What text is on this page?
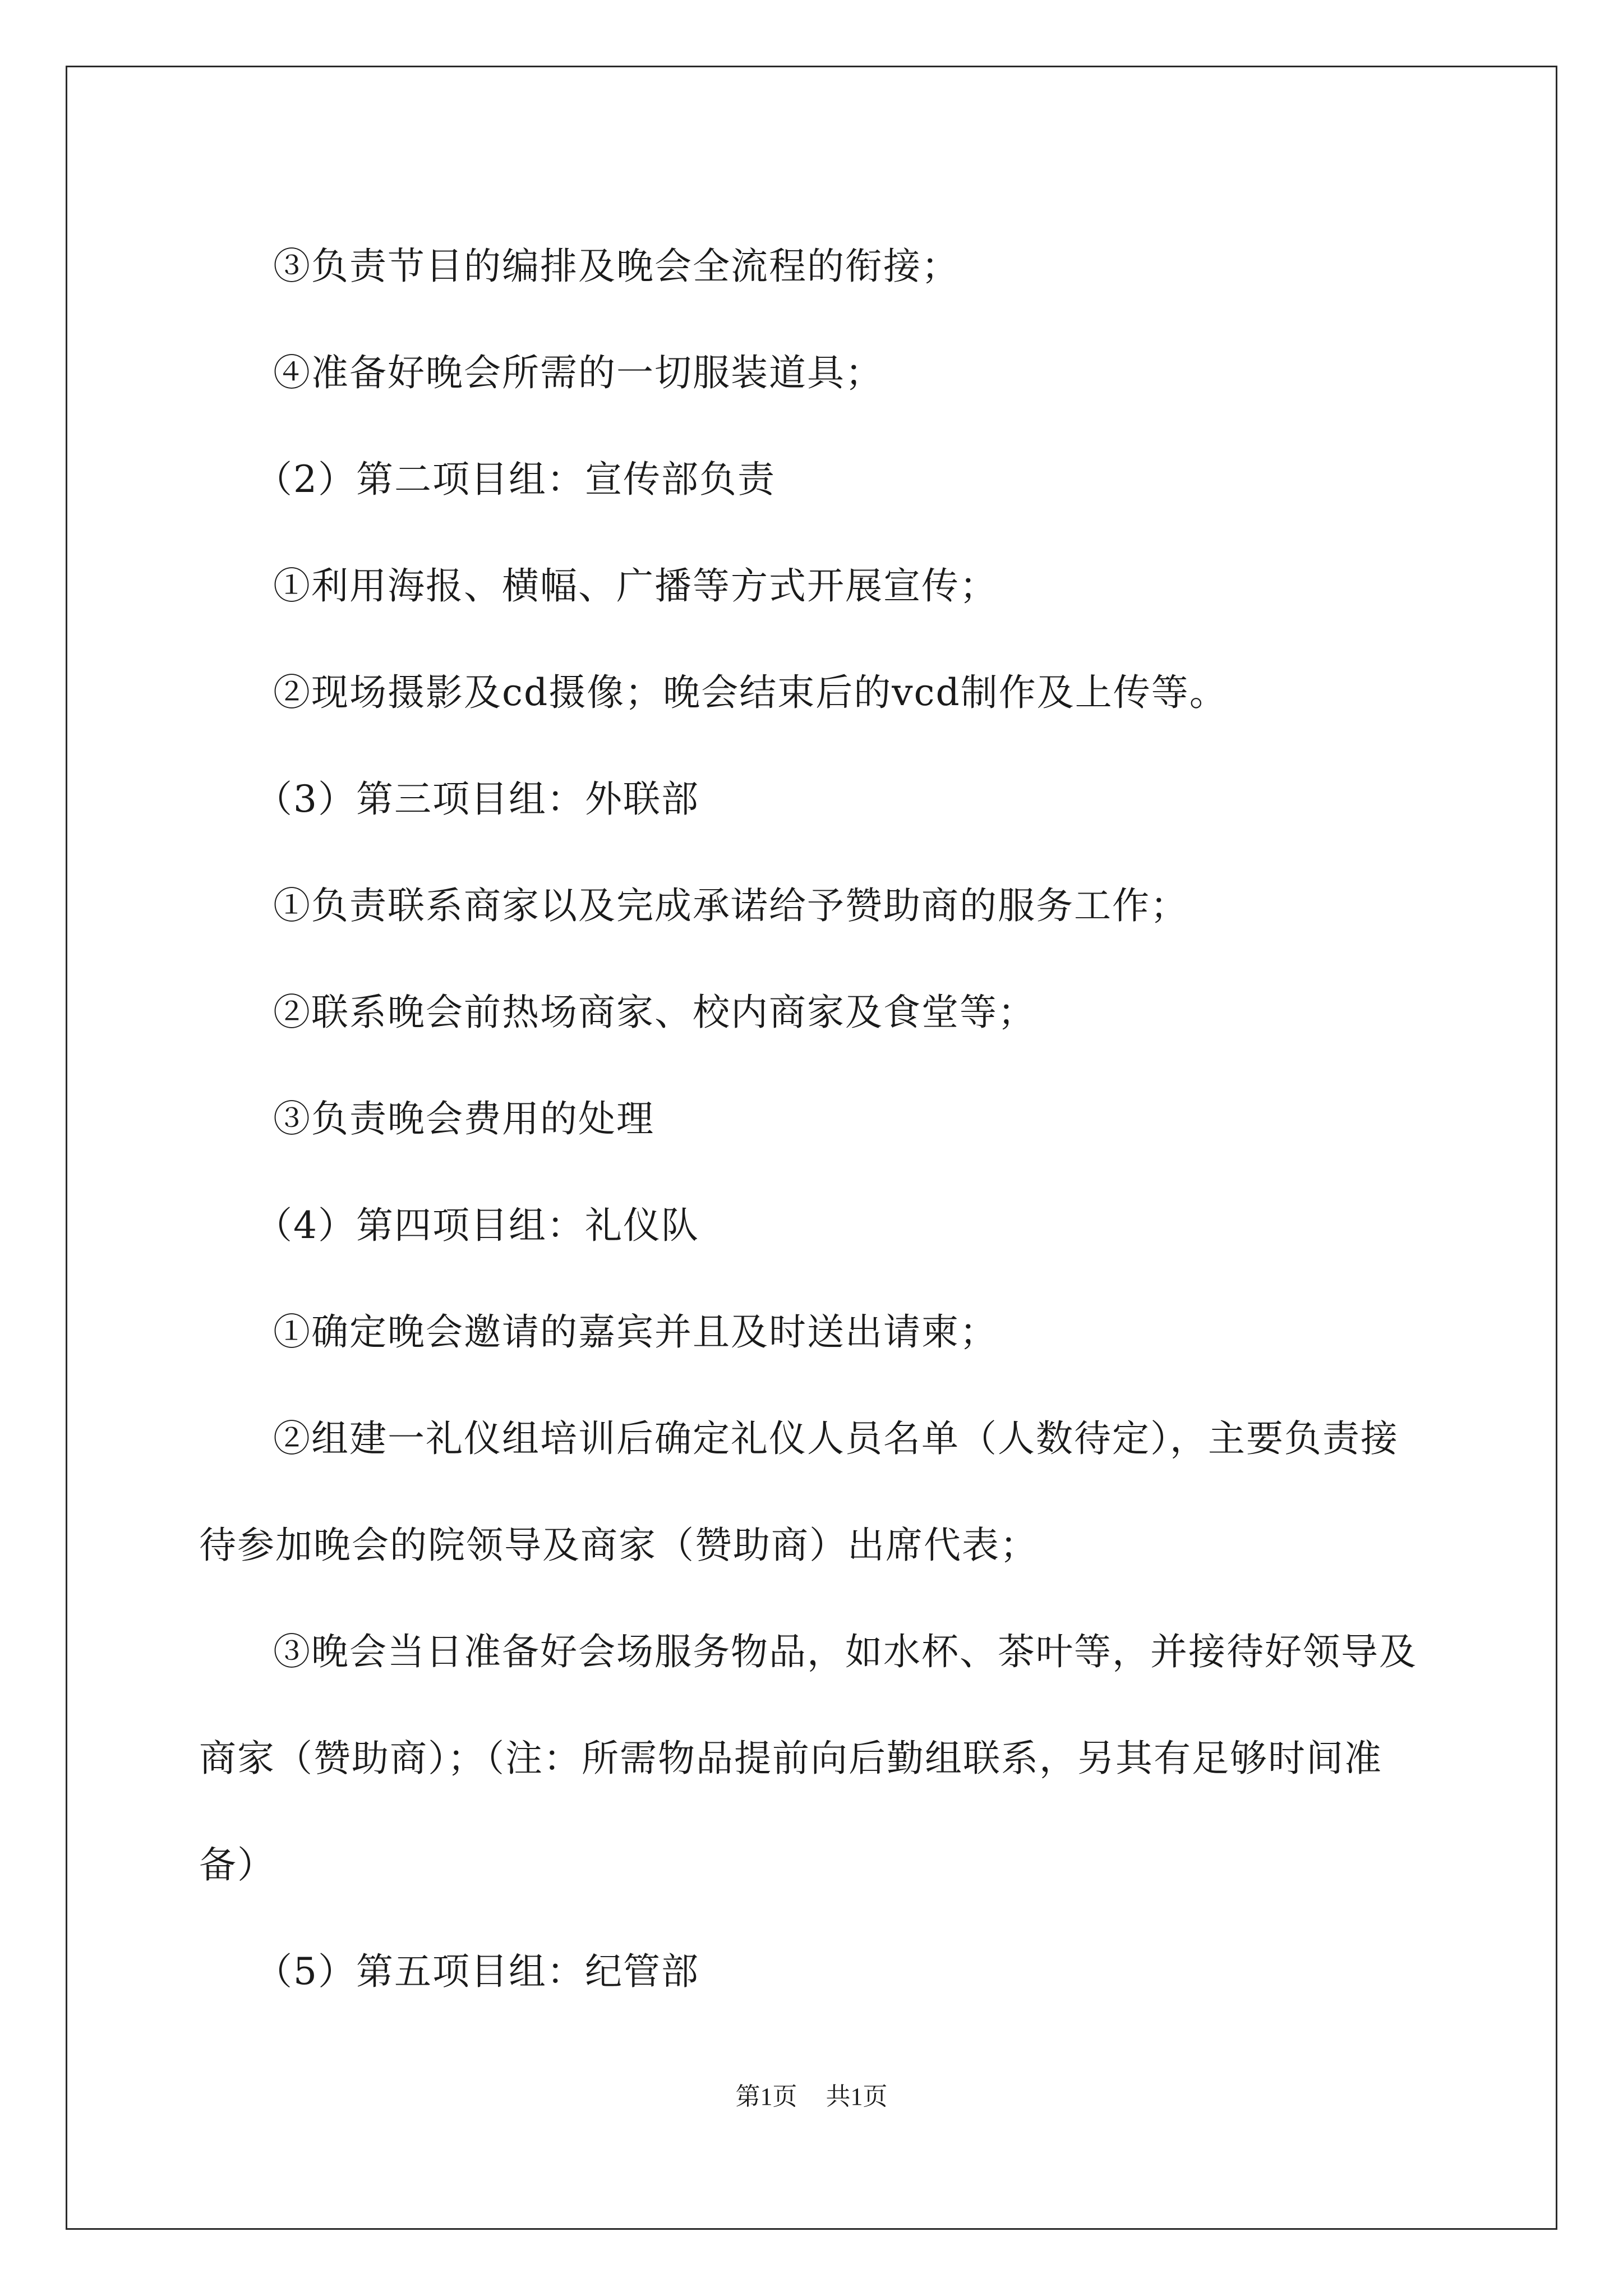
③负责节目的编排及晚会全流程的衔接；

④准备好晚会所需的一切服装道具；

（2）第二项目组：宣传部负责

①利用海报、横幅、广播等方式开展宣传；

②现场摄影及cd摄像；晚会结束后的vcd制作及上传等。

（3）第三项目组：外联部

①负责联系商家以及完成承诺给予赞助商的服务工作；

②联系晚会前热场商家、校内商家及食堂等；

③负责晚会费用的处理

（4）第四项目组：礼仪队

①确定晚会邀请的嘉宾并且及时送出请柬；

②组建一礼仪组培训后确定礼仪人员名单（人数待定），主要负责接待参加晚会的院领导及商家（赞助商）出席代表；

③晚会当日准备好会场服务物品，如水杯、茶叶等，并接待好领导及商家（赞助商）；（注：所需物品提前向后勤组联系，另其有足够时间准备）

（5）第五项目组：纪管部

第1页 共1页
